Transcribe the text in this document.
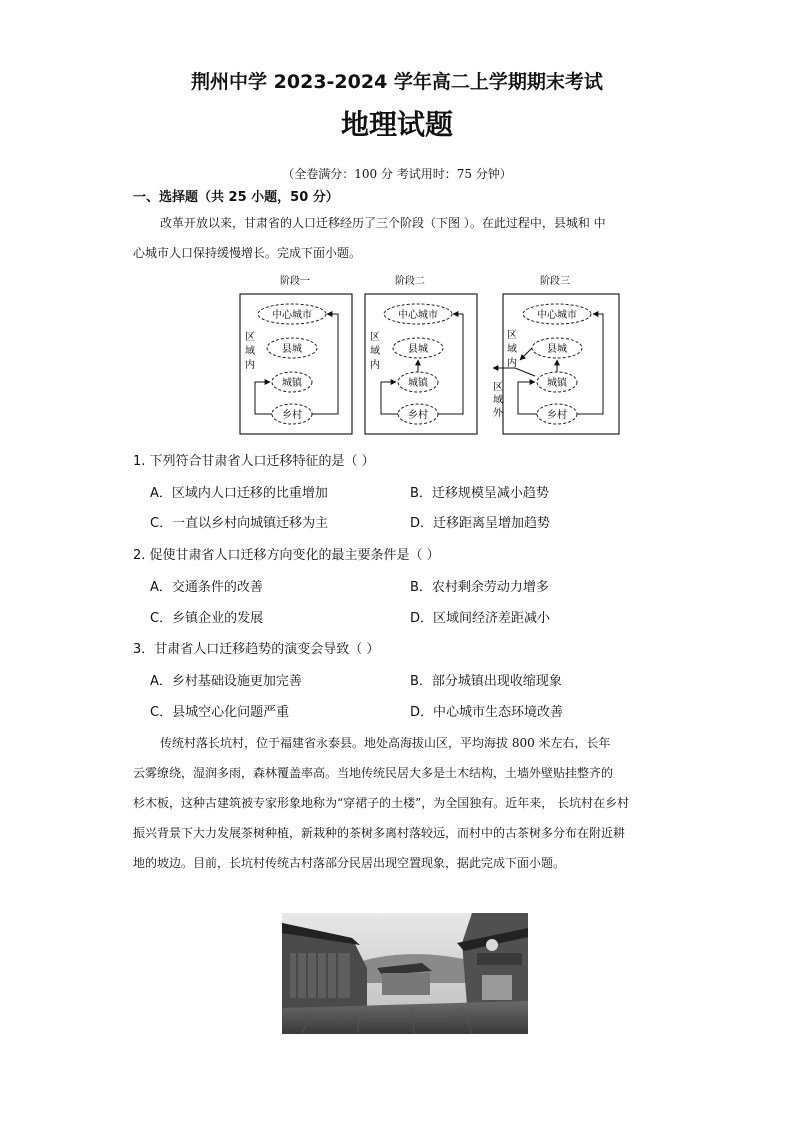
荆州中学 2023-2024 学年高二上学期期末考试
地理试题
（全卷满分：100 分 考试用时：75 分钟）
一、选择题（共 25 小题，50 分）
改革开放以来，甘肃省的人口迁移经历了三个阶段（下图 ）。在此过程中，县城和 中
心城市人口保持缓慢增长。完成下面小题。
阶段一
中心城市
县城
城镇
乡村
区域内
阶段二
中心城市
县城
城镇
乡村
区域内
阶段三
中心城市
县城
城镇
乡村
区域内
区域外
1. 下列符合甘肃省人口迁移特征的是（ ）
A．区域内人口迁移的比重增加	B．迁移规模呈减小趋势
C．一直以乡村向城镇迁移为主	D．迁移距离呈增加趋势
2. 促使甘肃省人口迁移方向变化的最主要条件是（ ）
A．交通条件的改善	B．农村剩余劳动力增多
C．乡镇企业的发展	D．区域间经济差距减小
3．甘肃省人口迁移趋势的演变会导致（ ）
A．乡村基础设施更加完善	B．部分城镇出现收缩现象
C．县城空心化问题严重	D．中心城市生态环境改善
传统村落长坑村，位于福建省永泰县。地处高海拔山区，平均海拔 800 米左右，长年
云雾缭绕，湿润多雨，森林覆盖率高。当地传统民居大多是土木结构，土墙外壁贴挂整齐的
杉木板，这种古建筑被专家形象地称为“穿裙子的土楼”，为全国独有。近年来， 长坑村在乡村
振兴背景下大力发展茶树种植，新栽种的茶树多离村落较远，而村中的古茶树多分布在附近耕
地的坡边。目前，长坑村传统古村落部分民居出现空置现象，据此完成下面小题。
